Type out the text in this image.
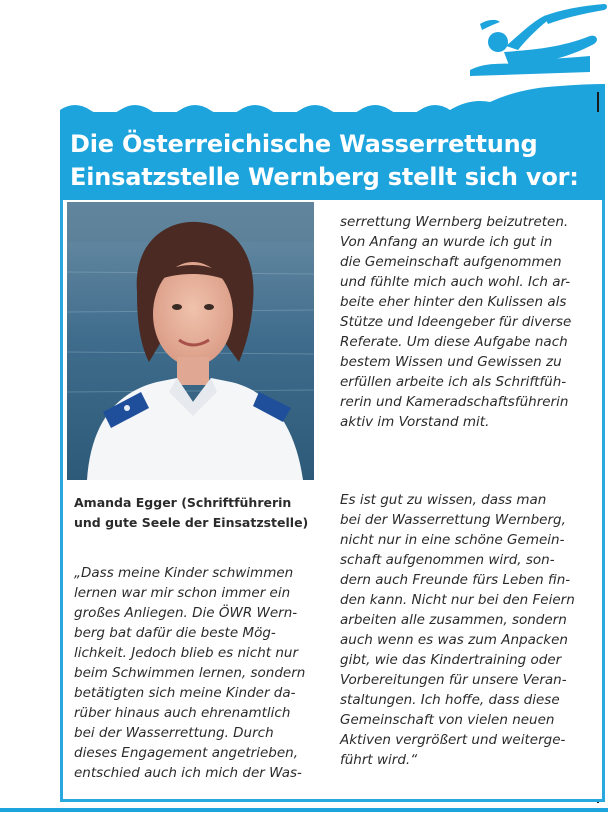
Die Österreichische Wasserrettung
Einsatzstelle Wernberg stellt sich vor:

Amanda Egger (Schriftführerin
und gute Seele der Einsatzstelle)

„Dass meine Kinder schwimmen
lernen war mir schon immer ein
großes Anliegen. Die ÖWR Wern-
berg bat dafür die beste Mög-
lichkeit. Jedoch blieb es nicht nur
beim Schwimmen lernen, sondern
betätigten sich meine Kinder da-
rüber hinaus auch ehrenamtlich
bei der Wasserrettung. Durch
dieses Engagement angetrieben,
entschied auch ich mich der Was-

serrettung Wernberg beizutreten.
Von Anfang an wurde ich gut in
die Gemeinschaft aufgenommen
und fühlte mich auch wohl. Ich ar-
beite eher hinter den Kulissen als
Stütze und Ideengeber für diverse
Referate. Um diese Aufgabe nach
bestem Wissen und Gewissen zu
erfüllen arbeite ich als Schriftfüh-
rerin und Kameradschaftsführerin
aktiv im Vorstand mit.

Es ist gut zu wissen, dass man
bei der Wasserrettung Wernberg,
nicht nur in eine schöne Gemein-
schaft aufgenommen wird, son-
dern auch Freunde fürs Leben fin-
den kann. Nicht nur bei den Feiern
arbeiten alle zusammen, sondern
auch wenn es was zum Anpacken
gibt, wie das Kindertraining oder
Vorbereitungen für unsere Veran-
staltungen. Ich hoffe, dass diese
Gemeinschaft von vielen neuen
Aktiven vergrößert und weiterge-
führt wird.“
